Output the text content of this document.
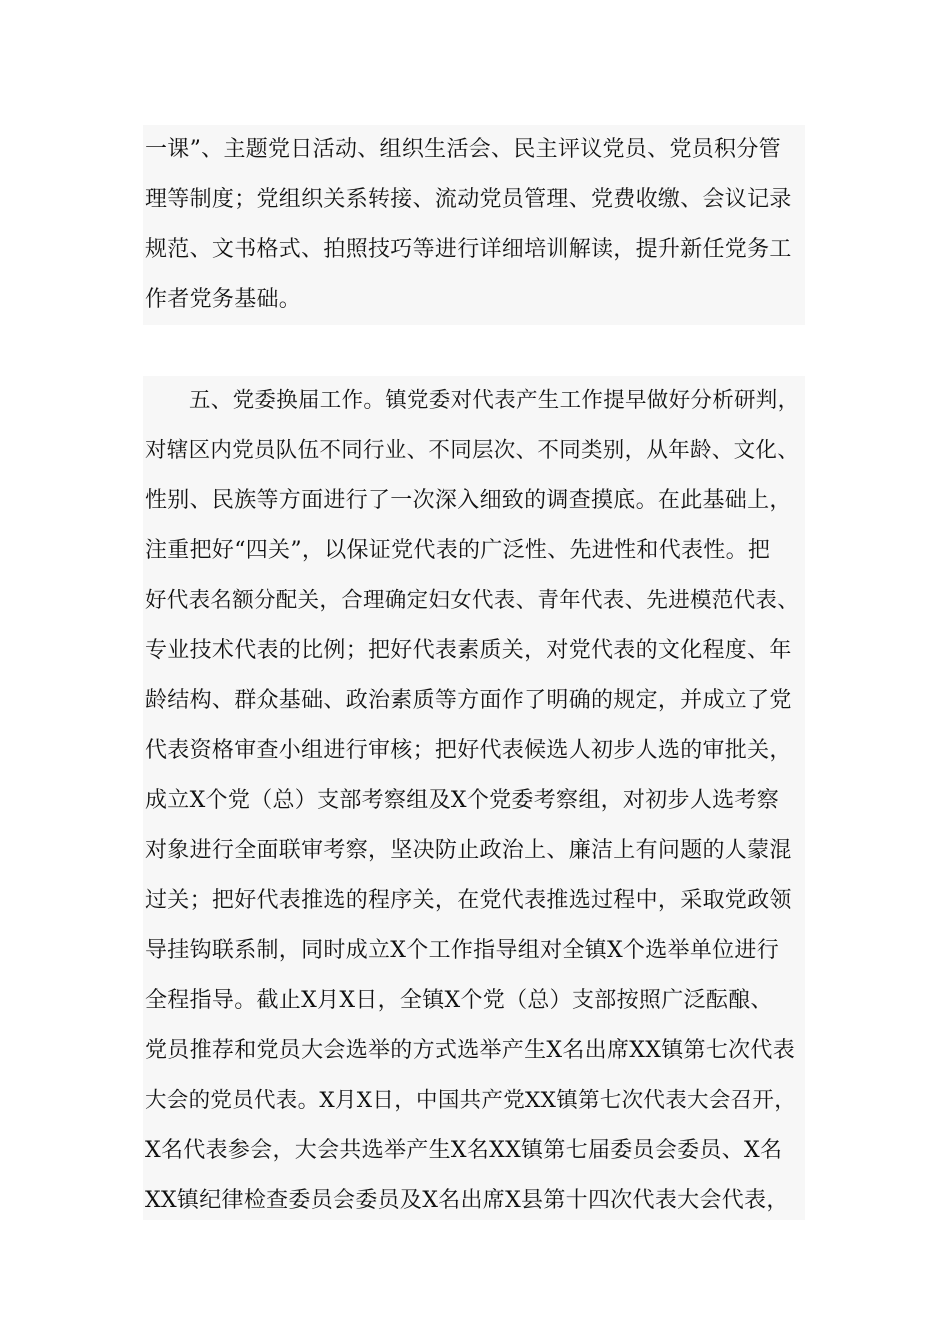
一课”、主题党日活动、组织生活会、民主评议党员、党员积分管
理等制度；党组织关系转接、流动党员管理、党费收缴、会议记录
规范、文书格式、拍照技巧等进行详细培训解读，提升新任党务工
作者党务基础。
五、党委换届工作。镇党委对代表产生工作提早做好分析研判，
对辖区内党员队伍不同行业、不同层次、不同类别，从年龄、文化、
性别、民族等方面进行了一次深入细致的调查摸底。在此基础上，
注重把好“四关”，以保证党代表的广泛性、先进性和代表性。把
好代表名额分配关，合理确定妇女代表、青年代表、先进模范代表、
专业技术代表的比例；把好代表素质关，对党代表的文化程度、年
龄结构、群众基础、政治素质等方面作了明确的规定，并成立了党
代表资格审查小组进行审核；把好代表候选人初步人选的审批关，
成立X个党（总）支部考察组及X个党委考察组，对初步人选考察
对象进行全面联审考察，坚决防止政治上、廉洁上有问题的人蒙混
过关；把好代表推选的程序关，在党代表推选过程中，采取党政领
导挂钩联系制，同时成立X个工作指导组对全镇X个选举单位进行
全程指导。截止X月X日，全镇X个党（总）支部按照广泛酝酿、
党员推荐和党员大会选举的方式选举产生X名出席XX镇第七次代表
大会的党员代表。X月X日，中国共产党XX镇第七次代表大会召开，
X名代表参会，大会共选举产生X名XX镇第七届委员会委员、X名
XX镇纪律检查委员会委员及X名出席X县第十四次代表大会代表，
